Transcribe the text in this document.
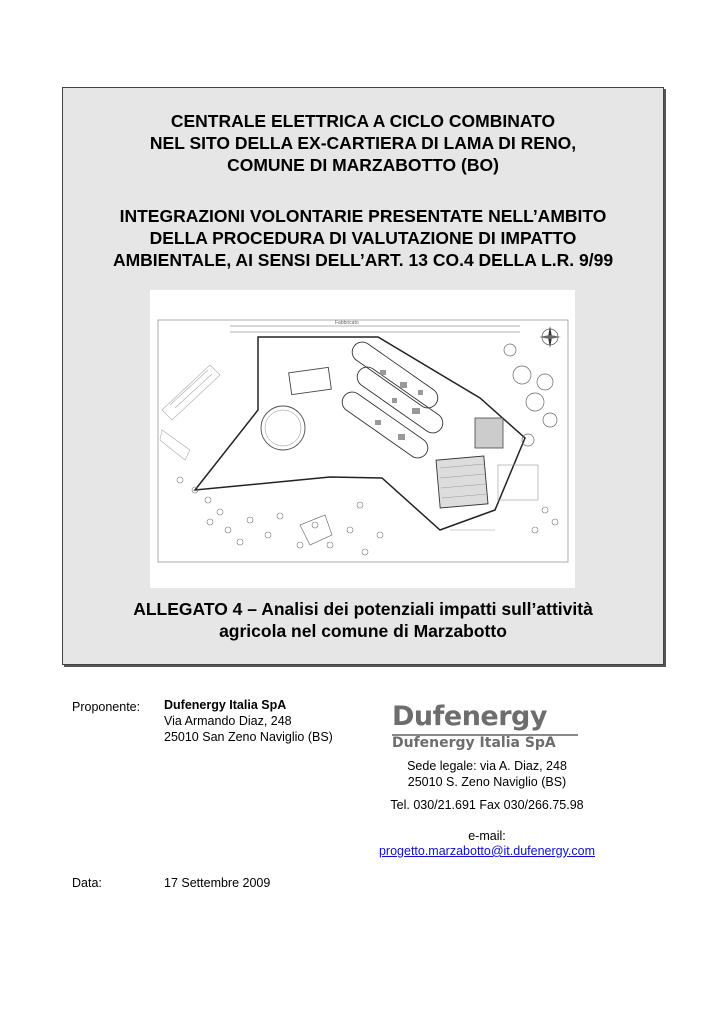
CENTRALE ELETTRICA A CICLO COMBINATO
NEL SITO DELLA EX-CARTIERA DI LAMA DI RENO,
COMUNE DI MARZABOTTO (BO)
INTEGRAZIONI VOLONTARIE PRESENTATE NELL’AMBITO
DELLA PROCEDURA DI VALUTAZIONE DI IMPATTO
AMBIENTALE, AI SENSI DELL’ART. 13 CO.4 DELLA L.R. 9/99
Fabbricato
ALLEGATO 4 – Analisi dei potenziali impatti sull’attività
agricola nel comune di Marzabotto
Proponente: Dufenergy Italia SpA
Via Armando Diaz, 248
25010 San Zeno Naviglio (BS)
Dufenergy
Dufenergy Italia SpA
Sede legale: via A. Diaz, 248
25010 S. Zeno Naviglio (BS)
Tel. 030/21.691 Fax 030/266.75.98
e-mail:
progetto.marzabotto@it.dufenergy.com
Data:	17 Settembre 2009
